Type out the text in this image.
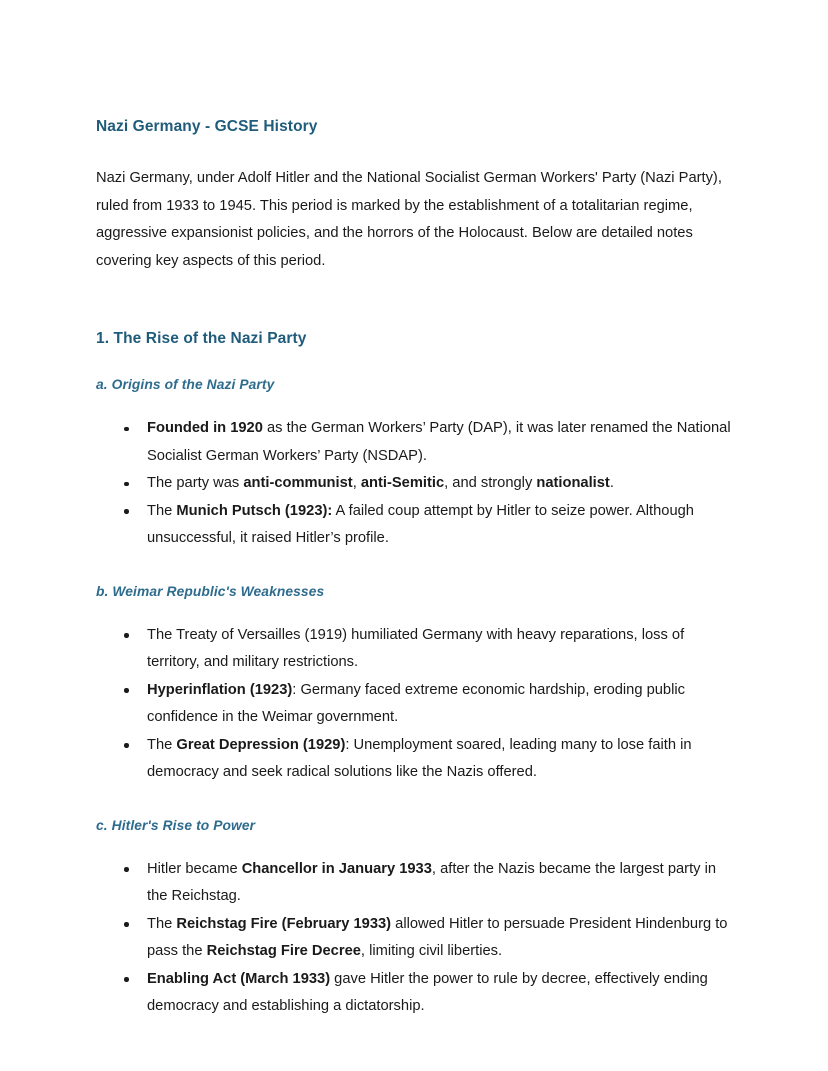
Nazi Germany - GCSE History

Nazi Germany, under Adolf Hitler and the National Socialist German Workers' Party (Nazi Party), ruled from 1933 to 1945. This period is marked by the establishment of a totalitarian regime, aggressive expansionist policies, and the horrors of the Holocaust. Below are detailed notes covering key aspects of this period.

1. The Rise of the Nazi Party
a. Origins of the Nazi Party
Founded in 1920 as the German Workers’ Party (DAP), it was later renamed the National Socialist German Workers’ Party (NSDAP).
The party was anti-communist, anti-Semitic, and strongly nationalist.
The Munich Putsch (1923): A failed coup attempt by Hitler to seize power. Although unsuccessful, it raised Hitler’s profile.
b. Weimar Republic's Weaknesses
The Treaty of Versailles (1919) humiliated Germany with heavy reparations, loss of territory, and military restrictions.
Hyperinflation (1923): Germany faced extreme economic hardship, eroding public confidence in the Weimar government.
The Great Depression (1929): Unemployment soared, leading many to lose faith in democracy and seek radical solutions like the Nazis offered.
c. Hitler's Rise to Power
Hitler became Chancellor in January 1933, after the Nazis became the largest party in the Reichstag.
The Reichstag Fire (February 1933) allowed Hitler to persuade President Hindenburg to pass the Reichstag Fire Decree, limiting civil liberties.
Enabling Act (March 1933) gave Hitler the power to rule by decree, effectively ending democracy and establishing a dictatorship.
